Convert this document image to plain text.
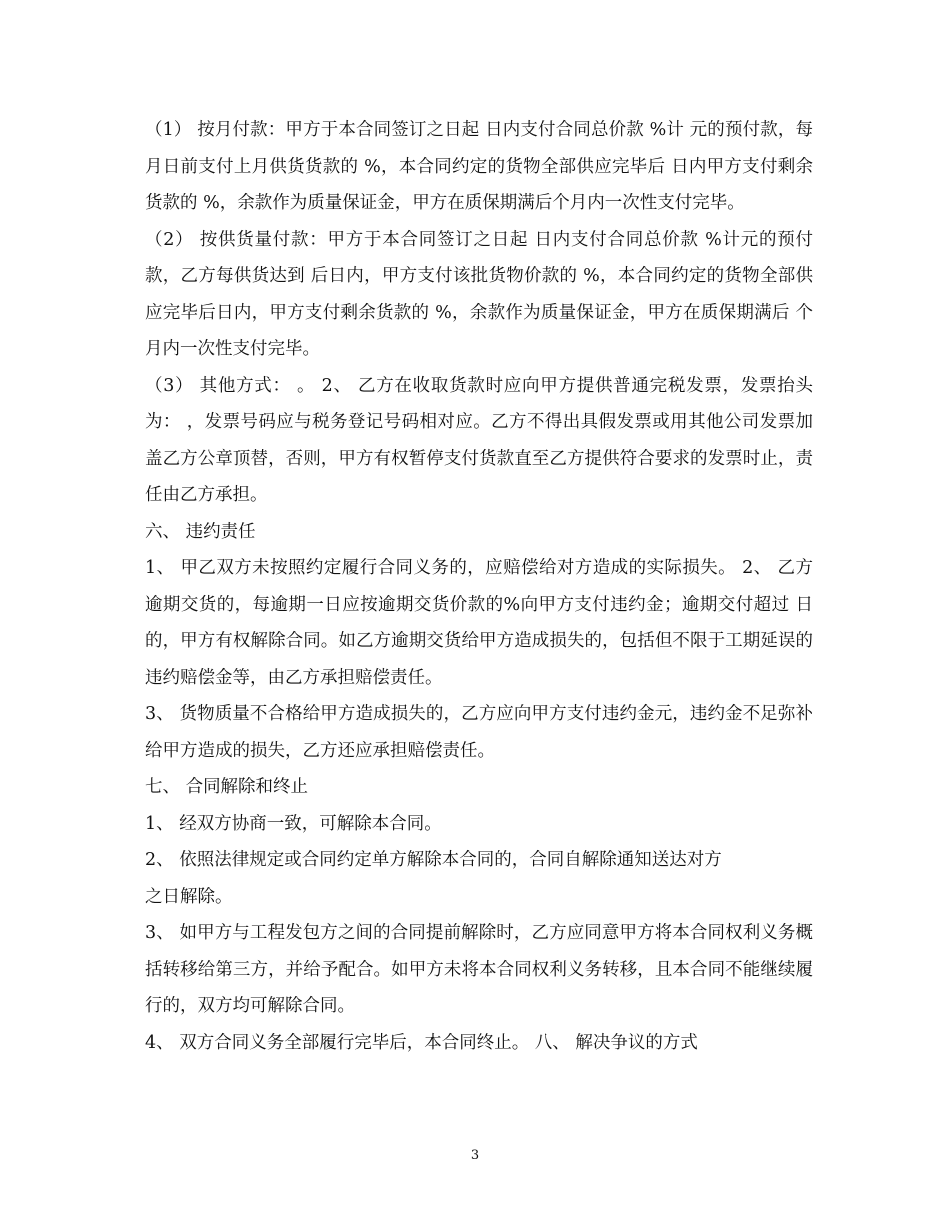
（1） 按月付款：甲方于本合同签订之日起 日内支付合同总价款 %计 元的预付款，每月日前支付上月供货货款的 %，本合同约定的货物全部供应完毕后 日内甲方支付剩余货款的 %，余款作为质量保证金，甲方在质保期满后个月内一次性支付完毕。

（2） 按供货量付款：甲方于本合同签订之日起 日内支付合同总价款 %计元的预付款，乙方每供货达到 后日内，甲方支付该批货物价款的 %，本合同约定的货物全部供应完毕后日内，甲方支付剩余货款的 %，余款作为质量保证金，甲方在质保期满后 个月内一次性支付完毕。

（3） 其他方式： 。 2、 乙方在收取货款时应向甲方提供普通完税发票，发票抬头为： ，发票号码应与税务登记号码相对应。乙方不得出具假发票或用其他公司发票加盖乙方公章顶替，否则，甲方有权暂停支付货款直至乙方提供符合要求的发票时止，责任由乙方承担。

六、 违约责任

1、 甲乙双方未按照约定履行合同义务的，应赔偿给对方造成的实际损失。 2、 乙方逾期交货的，每逾期一日应按逾期交货价款的%向甲方支付违约金；逾期交付超过 日的，甲方有权解除合同。如乙方逾期交货给甲方造成损失的，包括但不限于工期延误的违约赔偿金等，由乙方承担赔偿责任。

3、 货物质量不合格给甲方造成损失的，乙方应向甲方支付违约金元，违约金不足弥补给甲方造成的损失，乙方还应承担赔偿责任。

七、 合同解除和终止

1、 经双方协商一致，可解除本合同。

2、 依照法律规定或合同约定单方解除本合同的，合同自解除通知送达对方

之日解除。

3、 如甲方与工程发包方之间的合同提前解除时，乙方应同意甲方将本合同权利义务概括转移给第三方，并给予配合。如甲方未将本合同权利义务转移，且本合同不能继续履行的，双方均可解除合同。

4、 双方合同义务全部履行完毕后，本合同终止。 八、 解决争议的方式

3
